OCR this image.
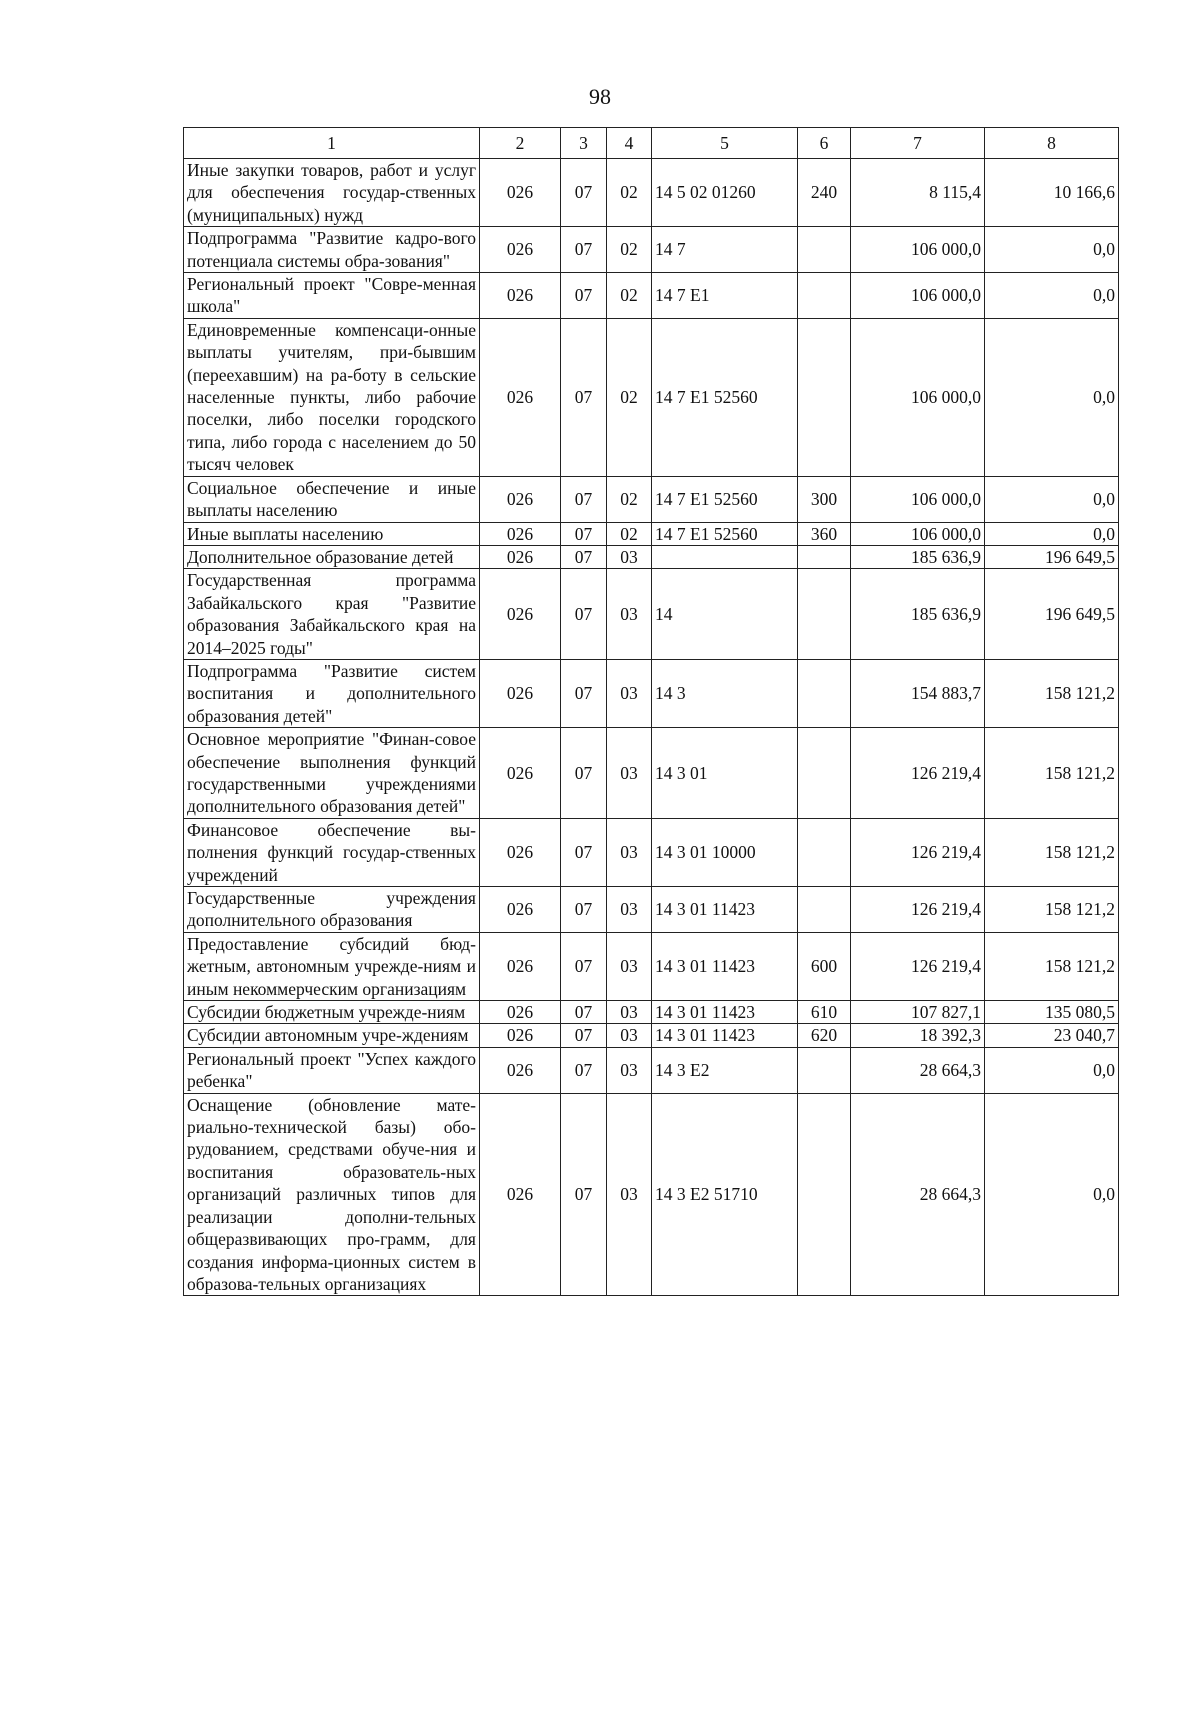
98
1	2	3	4	5	6	7	8
Иные закупки товаров, работ и услуг для обеспечения государ-ственных (муниципальных) нужд	026	07	02	14 5 02 01260	240	8 115,4	10 166,6
Подпрограмма "Развитие кадро-вого потенциала системы обра-зования"	026	07	02	14 7		106 000,0	0,0
Региональный проект "Совре-менная школа"	026	07	02	14 7 E1		106 000,0	0,0
Единовременные компенсаци-онные выплаты учителям, при-бывшим (переехавшим) на ра-боту в сельские населенные пункты, либо рабочие поселки, либо поселки городского типа, либо города с населением до 50 тысяч человек	026	07	02	14 7 E1 52560		106 000,0	0,0
Социальное обеспечение и иные выплаты населению	026	07	02	14 7 E1 52560	300	106 000,0	0,0
Иные выплаты населению	026	07	02	14 7 E1 52560	360	106 000,0	0,0
Дополнительное образование детей	026	07	03			185 636,9	196 649,5
Государственная программа Забайкальского края "Развитие образования Забайкальского края на 2014–2025 годы"	026	07	03	14		185 636,9	196 649,5
Подпрограмма "Развитие систем воспитания и дополнительного образования детей"	026	07	03	14 3		154 883,7	158 121,2
Основное мероприятие "Финан-совое обеспечение выполнения функций государственными учреждениями дополнительного образования детей"	026	07	03	14 3 01		126 219,4	158 121,2
Финансовое обеспечение вы-полнения функций государ-ственных учреждений	026	07	03	14 3 01 10000		126 219,4	158 121,2
Государственные учреждения дополнительного образования	026	07	03	14 3 01 11423		126 219,4	158 121,2
Предоставление субсидий бюд-жетным, автономным учрежде-ниям и иным некоммерческим организациям	026	07	03	14 3 01 11423	600	126 219,4	158 121,2
Субсидии бюджетным учрежде-ниям	026	07	03	14 3 01 11423	610	107 827,1	135 080,5
Субсидии автономным учре-ждениям	026	07	03	14 3 01 11423	620	18 392,3	23 040,7
Региональный проект "Успех каждого ребенка"	026	07	03	14 3 E2		28 664,3	0,0
Оснащение (обновление мате-риально-технической базы) обо-рудованием, средствами обуче-ния и воспитания образователь-ных организаций различных типов для реализации дополни-тельных общеразвивающих про-грамм, для создания информа-ционных систем в образова-тельных организациях	026	07	03	14 3 E2 51710		28 664,3	0,0
